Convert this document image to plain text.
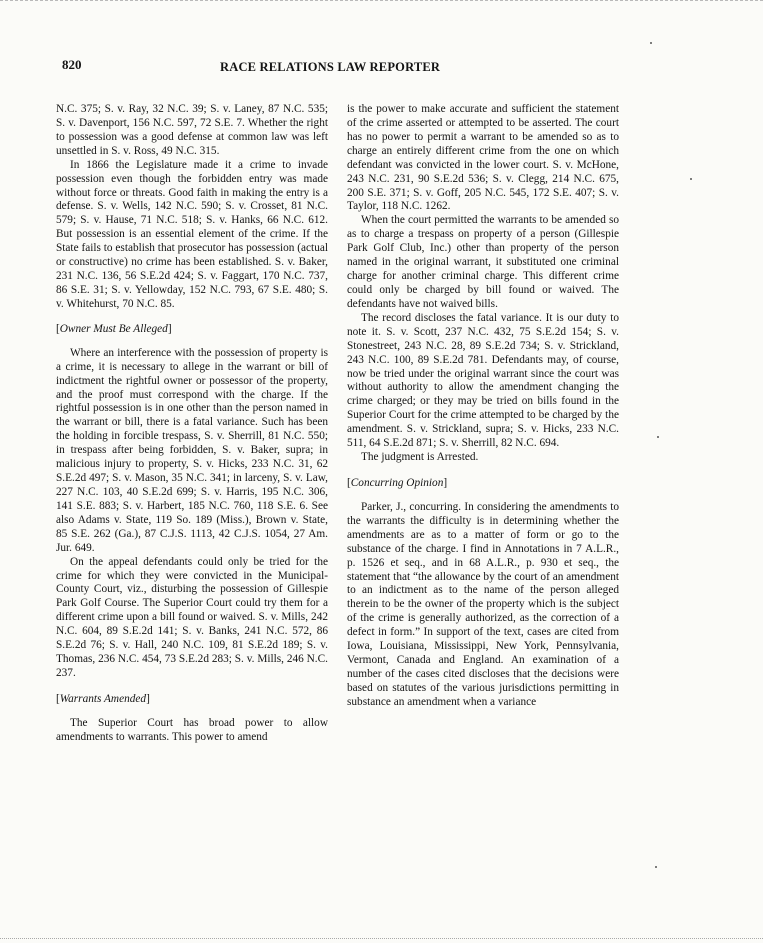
820	RACE RELATIONS LAW REPORTER

N.C. 375; S. v. Ray, 32 N.C. 39; S. v. Laney, 87 N.C. 535; S. v. Davenport, 156 N.C. 597, 72 S.E. 7. Whether the right to possession was a good defense at common law was left unsettled in S. v. Ross, 49 N.C. 315.

In 1866 the Legislature made it a crime to invade possession even though the forbidden entry was made without force or threats. Good faith in making the entry is a defense. S. v. Wells, 142 N.C. 590; S. v. Crosset, 81 N.C. 579; S. v. Hause, 71 N.C. 518; S. v. Hanks, 66 N.C. 612. But possession is an essential element of the crime. If the State fails to establish that prosecutor has possession (actual or constructive) no crime has been established. S. v. Baker, 231 N.C. 136, 56 S.E.2d 424; S. v. Faggart, 170 N.C. 737, 86 S.E. 31; S. v. Yellowday, 152 N.C. 793, 67 S.E. 480; S. v. Whitehurst, 70 N.C. 85.

[Owner Must Be Alleged]

Where an interference with the possession of property is a crime, it is necessary to allege in the warrant or bill of indictment the rightful owner or possessor of the property, and the proof must correspond with the charge. If the rightful possession is in one other than the person named in the warrant or bill, there is a fatal variance. Such has been the holding in forcible trespass, S. v. Sherrill, 81 N.C. 550; in trespass after being forbidden, S. v. Baker, supra; in malicious injury to property, S. v. Hicks, 233 N.C. 31, 62 S.E.2d 497; S. v. Mason, 35 N.C. 341; in larceny, S. v. Law, 227 N.C. 103, 40 S.E.2d 699; S. v. Harris, 195 N.C. 306, 141 S.E. 883; S. v. Harbert, 185 N.C. 760, 118 S.E. 6. See also Adams v. State, 119 So. 189 (Miss.), Brown v. State, 85 S.E. 262 (Ga.), 87 C.J.S. 1113, 42 C.J.S. 1054, 27 Am. Jur. 649.

On the appeal defendants could only be tried for the crime for which they were convicted in the Municipal-County Court, viz., disturbing the possession of Gillespie Park Golf Course. The Superior Court could try them for a different crime upon a bill found or waived. S. v. Mills, 242 N.C. 604, 89 S.E.2d 141; S. v. Banks, 241 N.C. 572, 86 S.E.2d 76; S. v. Hall, 240 N.C. 109, 81 S.E.2d 189; S. v. Thomas, 236 N.C. 454, 73 S.E.2d 283; S. v. Mills, 246 N.C. 237.

[Warrants Amended]

The Superior Court has broad power to allow amendments to warrants. This power to amend

is the power to make accurate and sufficient the statement of the crime asserted or attempted to be asserted. The court has no power to permit a warrant to be amended so as to charge an entirely different crime from the one on which defendant was convicted in the lower court. S. v. McHone, 243 N.C. 231, 90 S.E.2d 536; S. v. Clegg, 214 N.C. 675, 200 S.E. 371; S. v. Goff, 205 N.C. 545, 172 S.E. 407; S. v. Taylor, 118 N.C. 1262.

When the court permitted the warrants to be amended so as to charge a trespass on property of a person (Gillespie Park Golf Club, Inc.) other than property of the person named in the original warrant, it substituted one criminal charge for another criminal charge. This different crime could only be charged by bill found or waived. The defendants have not waived bills.

The record discloses the fatal variance. It is our duty to note it. S. v. Scott, 237 N.C. 432, 75 S.E.2d 154; S. v. Stonestreet, 243 N.C. 28, 89 S.E.2d 734; S. v. Strickland, 243 N.C. 100, 89 S.E.2d 781. Defendants may, of course, now be tried under the original warrant since the court was without authority to allow the amendment changing the crime charged; or they may be tried on bills found in the Superior Court for the crime attempted to be charged by the amendment. S. v. Strickland, supra; S. v. Hicks, 233 N.C. 511, 64 S.E.2d 871; S. v. Sherrill, 82 N.C. 694.

The judgment is Arrested.

[Concurring Opinion]

Parker, J., concurring. In considering the amendments to the warrants the difficulty is in determining whether the amendments are as to a matter of form or go to the substance of the charge. I find in Annotations in 7 A.L.R., p. 1526 et seq., and in 68 A.L.R., p. 930 et seq., the statement that “the allowance by the court of an amendment to an indictment as to the name of the person alleged therein to be the owner of the property which is the subject of the crime is generally authorized, as the correction of a defect in form.” In support of the text, cases are cited from Iowa, Louisiana, Mississippi, New York, Pennsylvania, Vermont, Canada and England. An examination of a number of the cases cited discloses that the decisions were based on statutes of the various jurisdictions permitting in substance an amendment when a variance
